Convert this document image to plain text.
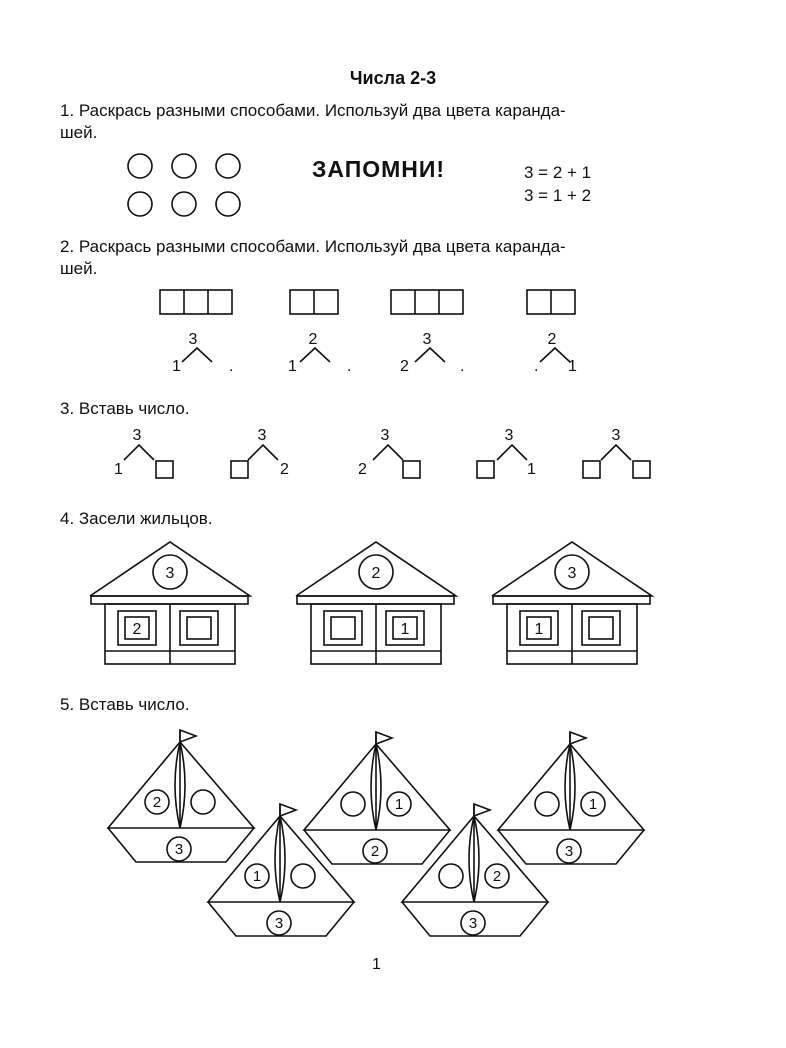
Числа 2-3
1. Раскрась разными способами. Используй два цвета каранда-
шей.
ЗАПОМНИ!	3 = 2 + 1
3 = 1 + 2
2. Раскрась разными способами. Используй два цвета каранда-
шей.
3. Вставь число.
4. Засели жильцов.
5. Вставь число.
1
3
1	.
2
1	.
3
2	.
2
. 1
3
1
3
2
3
2
3
1
3
3
2
2
1
3
1
2
3
1
2
1
3
1
3
2
3
